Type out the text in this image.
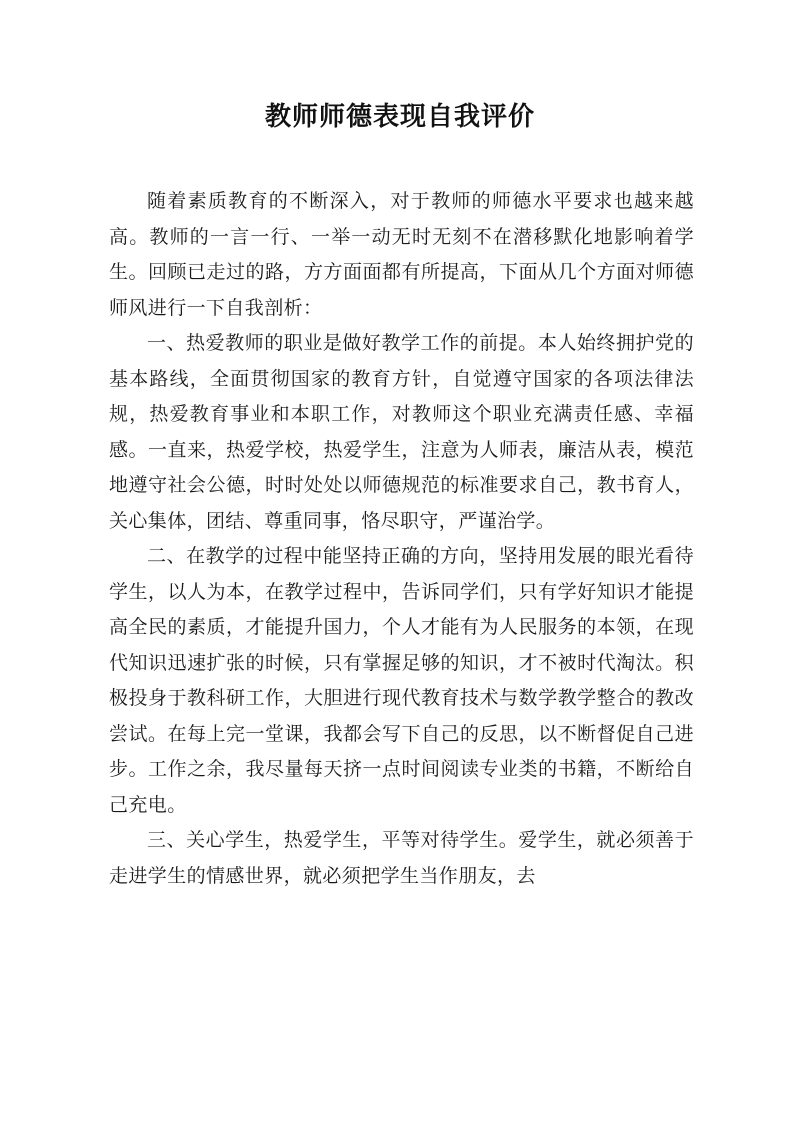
教师师德表现自我评价

随着素质教育的不断深入，对于教师的师德水平要求也越来越高。教师的一言一行、一举一动无时无刻不在潜移默化地影响着学生。回顾已走过的路，方方面面都有所提高，下面从几个方面对师德师风进行一下自我剖析：

一、热爱教师的职业是做好教学工作的前提。本人始终拥护党的基本路线，全面贯彻国家的教育方针，自觉遵守国家的各项法律法规，热爱教育事业和本职工作，对教师这个职业充满责任感、幸福感。一直来，热爱学校，热爱学生，注意为人师表，廉洁从表，模范地遵守社会公德，时时处处以师德规范的标准要求自己，教书育人，关心集体，团结、尊重同事，恪尽职守，严谨治学。

二、在教学的过程中能坚持正确的方向，坚持用发展的眼光看待学生，以人为本，在教学过程中，告诉同学们，只有学好知识才能提高全民的素质，才能提升国力，个人才能有为人民服务的本领，在现代知识迅速扩张的时候，只有掌握足够的知识，才不被时代淘汰。积极投身于教科研工作，大胆进行现代教育技术与数学教学整合的教改尝试。在每上完一堂课，我都会写下自己的反思，以不断督促自己进步。工作之余，我尽量每天挤一点时间阅读专业类的书籍，不断给自己充电。

三、关心学生，热爱学生，平等对待学生。爱学生，就必须善于走进学生的情感世界，就必须把学生当作朋友，去
